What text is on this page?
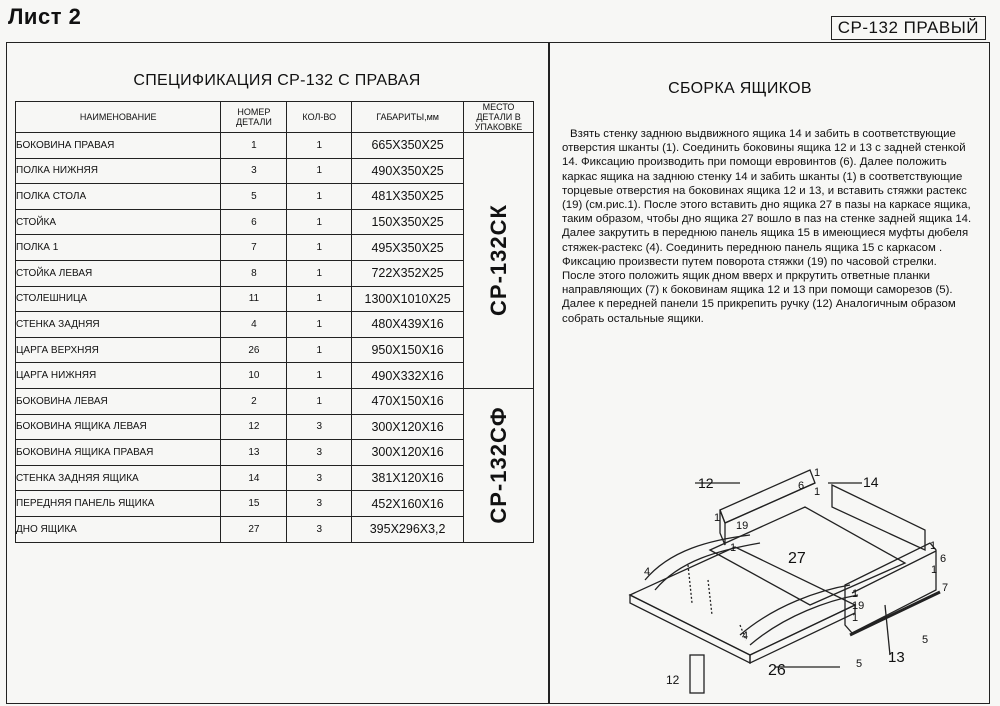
Лист 2	СР-132 ПРАВЫЙ
СПЕЦИФИКАЦИЯ СР-132 С ПРАВАЯ
НАИМЕНОВАНИЕ	НОМЕР ДЕТАЛИ	КОЛ-ВО	ГАБАРИТЫ,мм	МЕСТО ДЕТАЛИ В УПАКОВКЕ
БОКОВИНА ПРАВАЯ	1	1	665X350X25	СР-132СК

ПОЛКА НИЖНЯЯ	3	1	490X350X25	
ПОЛКА СТОЛА	5	1	481X350X25	
СТОЙКА	6	1	150X350X25	
ПОЛКА 1	7	1	495X350X25	
СТОЙКА ЛЕВАЯ	8	1	722X352X25	
СТОЛЕШНИЦА	11	1	1300X1010X25	
СТЕНКА ЗАДНЯЯ	4	1	480X439X16	
ЦАРГА ВЕРХНЯЯ	26	1	950X150X16	
ЦАРГА НИЖНЯЯ	10	1	490X332X16	
БОКОВИНА ЛЕВАЯ	2	1	470X150X16	СР-132СФ

БОКОВИНА ЯЩИКА ЛЕВАЯ	12	3	300X120X16	
БОКОВИНА ЯЩИКА ПРАВАЯ	13	3	300X120X16	
СТЕНКА ЗАДНЯЯ ЯЩИКА	14	3	381X120X16	
ПЕРЕДНЯЯ ПАНЕЛЬ ЯЩИКА	15	3	452X160X16	
ДНО ЯЩИКА	27	3	395X296X3,2	
СБОРКА ЯЩИКОВ

Взять стенку заднюю выдвижного ящика 14 и забить в соответствующие отверстия шканты (1). Соединить боковины ящика 12 и 13 с задней стенкой 14. Фиксацию производить при помощи евровинтов (6). Далее положить каркас ящика на заднюю стенку 14 и забить шканты (1) в соответствующие торцевые отверстия на боковинах ящика 12 и 13, и вставить стяжки растекс (19) (см.рис.1). После этого вставить дно ящика 27 в пазы на каркасе ящика, таким образом, чтобы дно ящика 27 вошло в паз на стенке задней ящика 14. Далее закрутить в переднюю панель ящика 15 в имеющиеся муфты дюбеля стяжек-растекс (4). Соединить переднюю панель ящика 15 с каркасом . Фиксацию произвести путем поворота стяжки (19) по часовой стрелки. После этого положить ящик дном вверх и пркрутить ответные планки направляющих (7) к боковинам ящика 12 и 13 при помощи саморезов (5). Далее к передней панели 15 прикрепить ручку (12) Аналогичным образом собрать остальные ящики.

12	14
27
26
13
12
1
6 1
1
19
1
4
4
1
6
1
7
1
19
1
5
5
